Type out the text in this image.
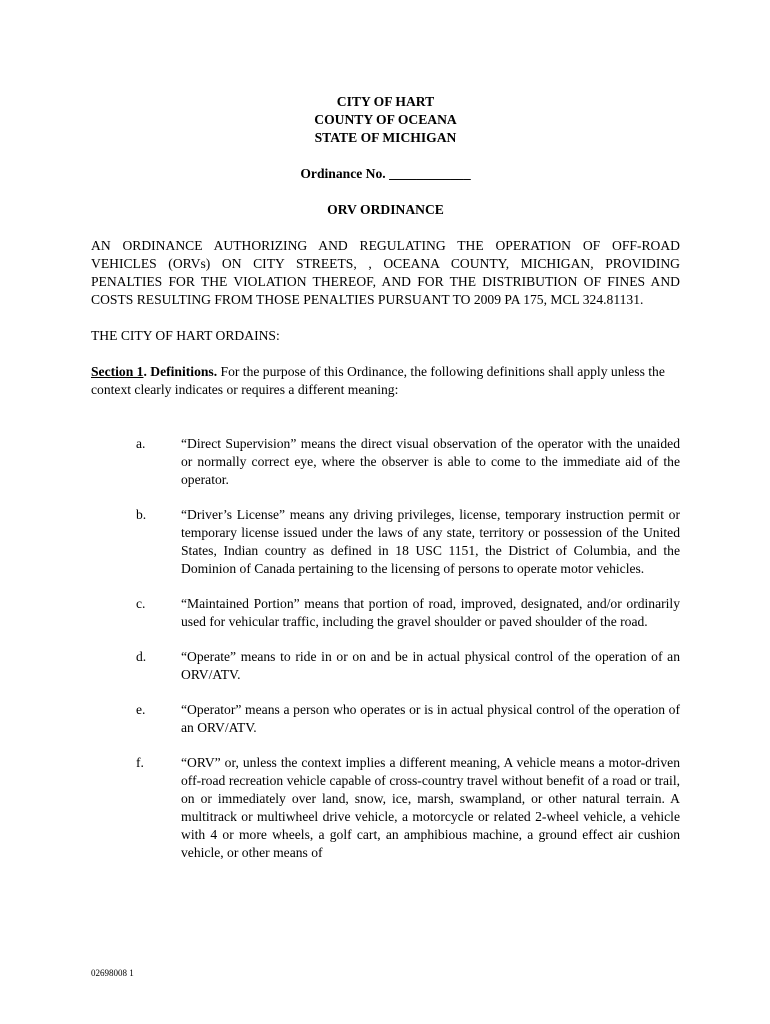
CITY OF HART
COUNTY OF OCEANA
STATE OF MICHIGAN
Ordinance No. ____________
ORV ORDINANCE
AN ORDINANCE AUTHORIZING AND REGULATING THE OPERATION OF OFF-ROAD VEHICLES (ORVs) ON CITY STREETS, , OCEANA COUNTY, MICHIGAN, PROVIDING PENALTIES FOR THE VIOLATION THEREOF, AND FOR THE DISTRIBUTION OF FINES AND COSTS RESULTING FROM THOSE PENALTIES PURSUANT TO 2009 PA 175, MCL 324.81131.
THE CITY OF HART ORDAINS:
Section 1. Definitions. For the purpose of this Ordinance, the following definitions shall apply unless the context clearly indicates or requires a different meaning:
a.	“Direct Supervision” means the direct visual observation of the operator with the unaided or normally correct eye, where the observer is able to come to the immediate aid of the operator.
b.	“Driver’s License” means any driving privileges, license, temporary instruction permit or temporary license issued under the laws of any state, territory or possession of the United States, Indian country as defined in 18 USC 1151, the District of Columbia, and the Dominion of Canada pertaining to the licensing of persons to operate motor vehicles.
c.	“Maintained Portion” means that portion of road, improved, designated, and/or ordinarily used for vehicular traffic, including the gravel shoulder or paved shoulder of the road.
d.	“Operate” means to ride in or on and be in actual physical control of the operation of an ORV/ATV.
e.	“Operator” means a person who operates or is in actual physical control of the operation of an ORV/ATV.
f.	“ORV” or, unless the context implies a different meaning, A vehicle means a motor-driven off-road recreation vehicle capable of cross-country travel without benefit of a road or trail, on or immediately over land, snow, ice, marsh, swampland, or other natural terrain. A multitrack or multiwheel drive vehicle, a motorcycle or related 2-wheel vehicle, a vehicle with 4 or more wheels, a golf cart, an amphibious machine, a ground effect air cushion vehicle, or other means of
02698008 1
